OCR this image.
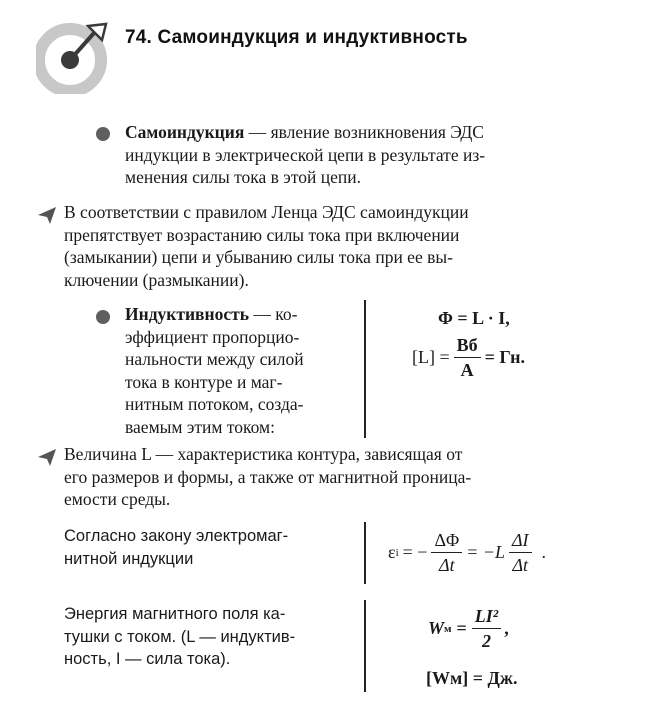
74. Самоиндукция и индуктивность
Самоиндукция — явление возникновения ЭДС
индукции в электрической цепи в результате из-
менения силы тока в этой цепи.
В соответствии с правилом Ленца ЭДС самоиндукции
препятствует возрастанию силы тока при включении
(замыкании) цепи и убыванию силы тока при ее вы-
ключении (размыкании).
Индуктивность — ко-
эффициент пропорцио-
нальности между силой
тока в контуре и маг-
нитным потоком, созда-
ваемым этим током:
Φ = L · I,
$[L] = \frac{Вб}{А}$ = Гн.
Величина L — характеристика контура, зависящая от
его размеров и формы, а также от магнитной проница-
емости среды.
Согласно закону электромаг-
нитной индукции	ε i = − $\frac{\Delta\Phi}{\Delta t} = -L \frac{\Delta I}{\Delta t}$ .
Энергия магнитного поля ка-
тушки с током. (L — индуктив-
ность, I — сила тока).
W $м = \frac{\text{LI²}}{2}$ ,
[Wм] = Дж.
